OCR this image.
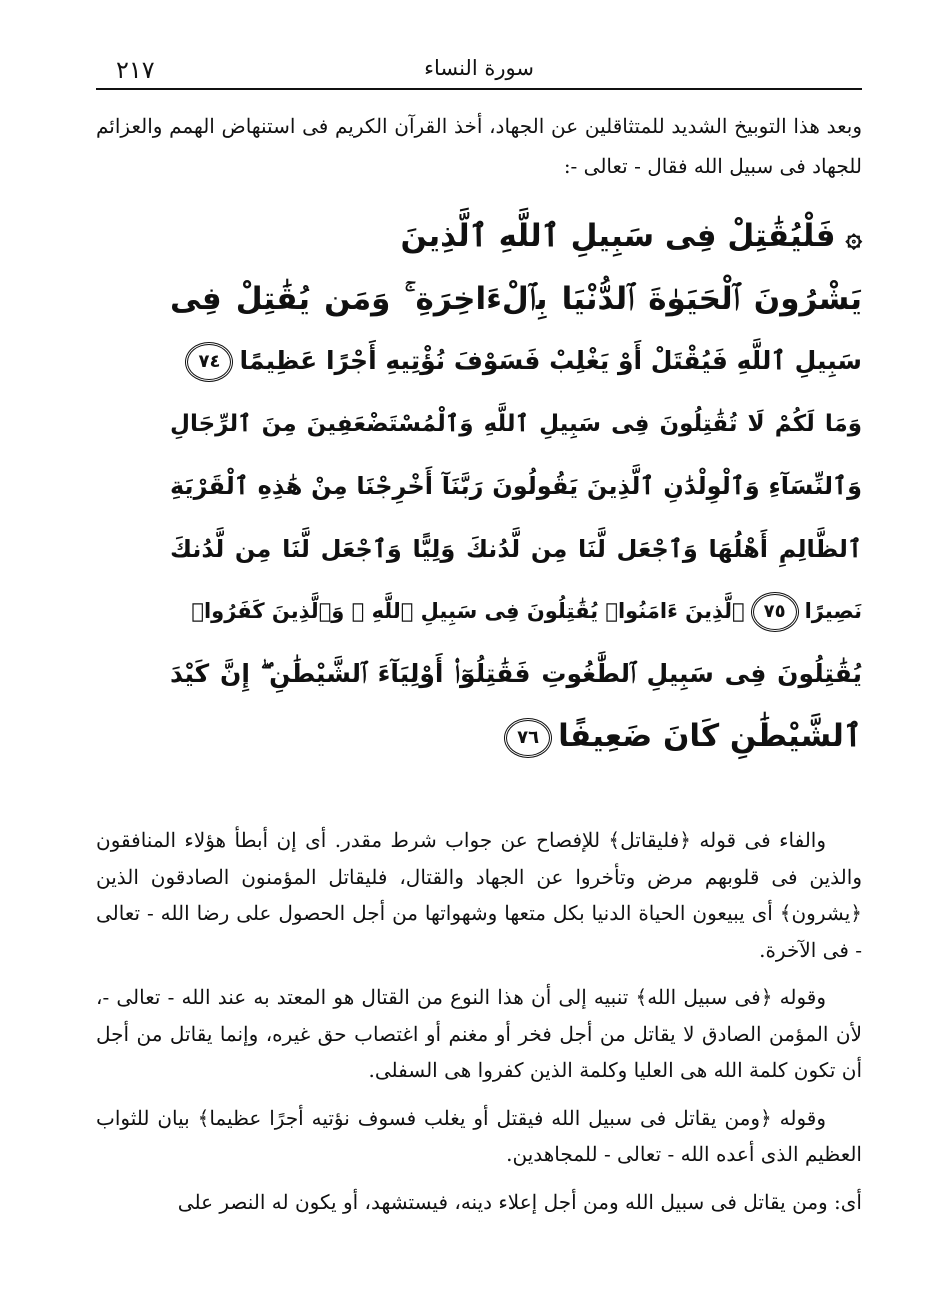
٢١٧	سورة النساء
وبعد هذا التوبيخ الشديد للمتثاقلين عن الجهاد، أخذ القرآن الكريم فى استنهاض الهمم والعزائم للجهاد فى سبيل الله فقال - تعالى -:
۞فَلْيُقَٰتِلْ فِى سَبِيلِ ٱللَّهِ ٱلَّذِينَ
يَشْرُونَ ٱلْحَيَوٰةَ ٱلدُّنْيَا بِٱلْءَاخِرَةِ ۚ وَمَن يُقَٰتِلْ فِى
سَبِيلِ ٱللَّهِ فَيُقْتَلْ أَوْ يَغْلِبْ فَسَوْفَ نُؤْتِيهِ أَجْرًا عَظِيمًا٧٤
وَمَا لَكُمْ لَا تُقَٰتِلُونَ فِى سَبِيلِ ٱللَّهِ وَٱلْمُسْتَضْعَفِينَ مِنَ ٱلرِّجَالِ
وَٱلنِّسَآءِ وَٱلْوِلْدَٰنِ ٱلَّذِينَ يَقُولُونَ رَبَّنَآ أَخْرِجْنَا مِنْ هَٰذِهِ ٱلْقَرْيَةِ
ٱلظَّالِمِ أَهْلُهَا وَٱجْعَل لَّنَا مِن لَّدُنكَ وَلِيًّا وَٱجْعَل لَّنَا مِن لَّدُنكَ
نَصِيرًا٧٥ٱلَّذِينَ ءَامَنُوا۟ يُقَٰتِلُونَ فِى سَبِيلِ ٱللَّهِ ۖ وَٱلَّذِينَ كَفَرُوا۟
يُقَٰتِلُونَ فِى سَبِيلِ ٱلطَّٰغُوتِ فَقَٰتِلُوٓا۟ أَوْلِيَآءَ ٱلشَّيْطَٰنِ ۖ إِنَّ كَيْدَ
ٱلشَّيْطَٰنِ كَانَ ضَعِيفًا٧٦

والفاء فى قوله ﴿فليقاتل﴾ للإفصاح عن جواب شرط مقدر. أى إن أبطأ هؤلاء المنافقون والذين فى قلوبهم مرض وتأخروا عن الجهاد والقتال، فليقاتل المؤمنون الصادقون الذين ﴿يشرون﴾ أى يبيعون الحياة الدنيا بكل متعها وشهواتها من أجل الحصول على رضا الله - تعالى - فى الآخرة.

وقوله ﴿فى سبيل الله﴾ تنبيه إلى أن هذا النوع من القتال هو المعتد به عند الله - تعالى -، لأن المؤمن الصادق لا يقاتل من أجل فخر أو مغنم أو اغتصاب حق غيره، وإنما يقاتل من أجل أن تكون كلمة الله هى العليا وكلمة الذين كفروا هى السفلى.

وقوله ﴿ومن يقاتل فى سبيل الله فيقتل أو يغلب فسوف نؤتيه أجرًا عظيما﴾ بيان للثواب العظيم الذى أعده الله - تعالى - للمجاهدين.

أى: ومن يقاتل فى سبيل الله ومن أجل إعلاء دينه، فيستشهد، أو يكون له النصر على
